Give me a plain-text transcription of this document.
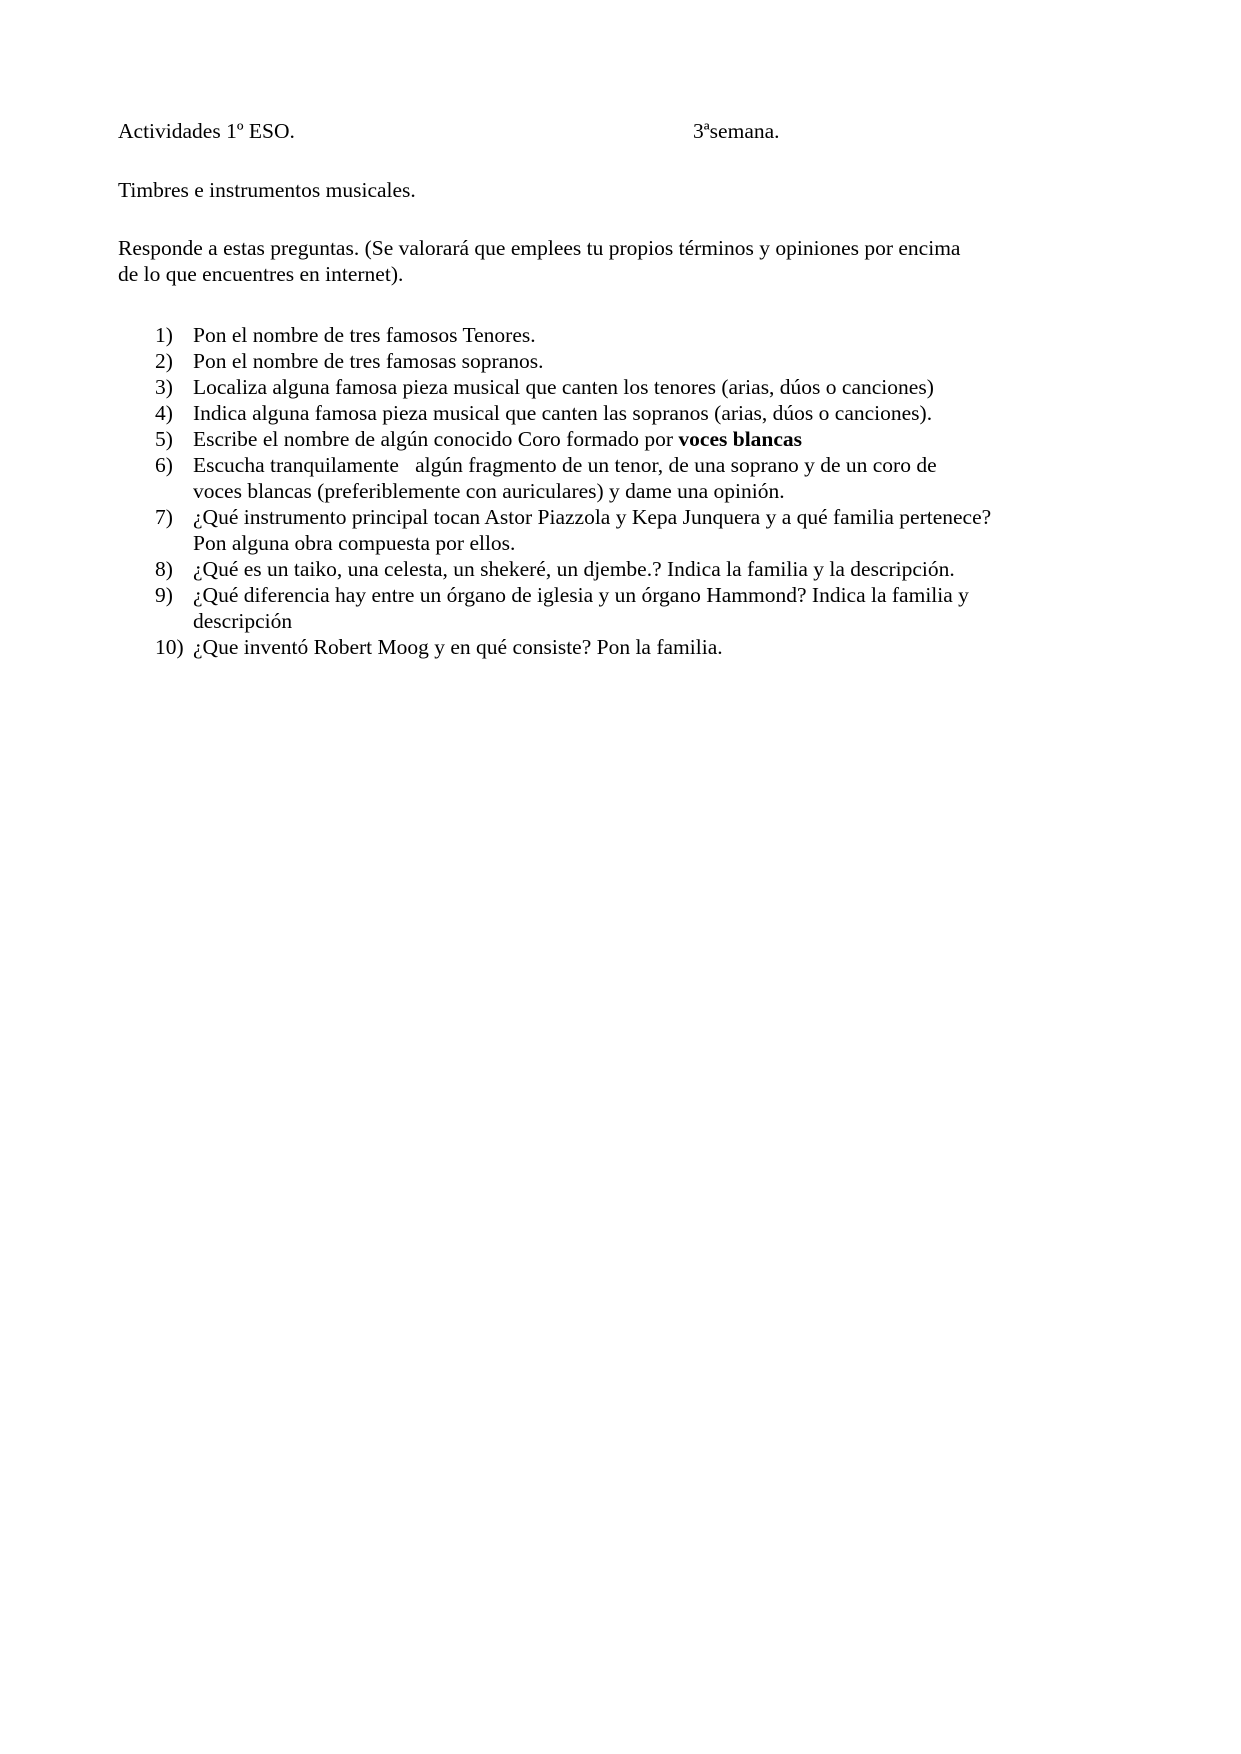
Actividades 1º ESO.	3ªsemana.
Timbres e instrumentos musicales.
Responde a estas preguntas. (Se valorará que emplees tu propios términos y opiniones por encima
de lo que encuentres en internet).
1) Pon el nombre de tres famosos Tenores.
2) Pon el nombre de tres famosas sopranos.
3) Localiza alguna famosa pieza musical que canten los tenores (arias, dúos o canciones)
4) Indica alguna famosa pieza musical que canten las sopranos (arias, dúos o canciones).
5) Escribe el nombre de algún conocido Coro formado por voces blancas
6) Escucha tranquilamente   algún fragmento de un tenor, de una soprano y de un coro de
voces blancas (preferiblemente con auriculares) y dame una opinión.
7) ¿Qué instrumento principal tocan Astor Piazzola y Kepa Junquera y a qué familia pertenece?
Pon alguna obra compuesta por ellos.
8) ¿Qué es un taiko, una celesta, un shekeré, un djembe.? Indica la familia y la descripción.
9) ¿Qué diferencia hay entre un órgano de iglesia y un órgano Hammond? Indica la familia y
descripción
10) ¿Que inventó Robert Moog y en qué consiste? Pon la familia.
